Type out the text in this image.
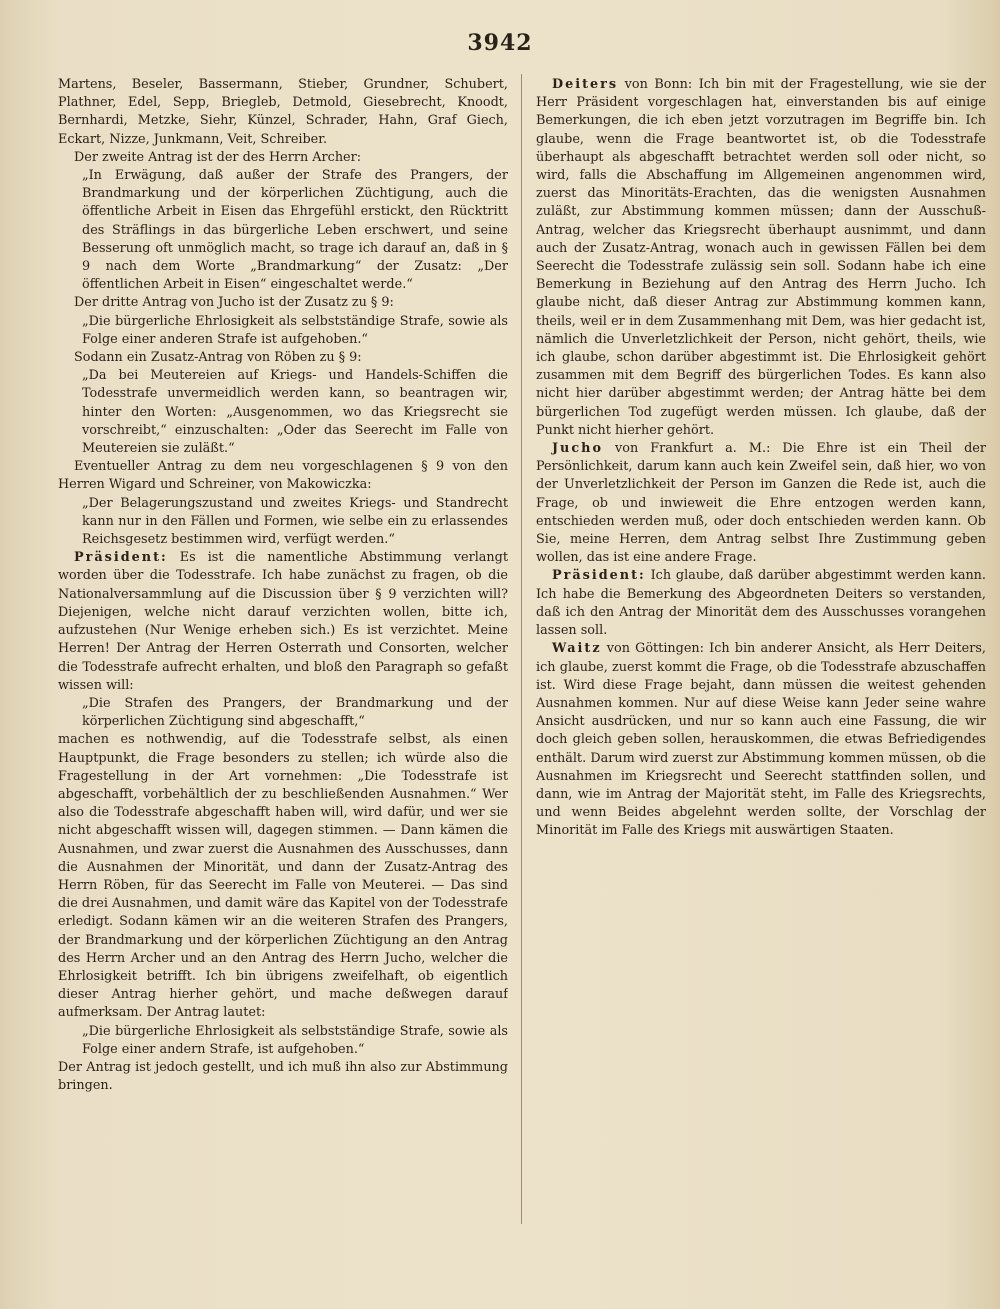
3942

Martens, Beseler, Bassermann, Stieber, Grundner, Schubert, Plathner, Edel, Sepp, Briegleb, Detmold, Giesebrecht, Knoodt, Bernhardi, Metzke, Siehr, Künzel, Schrader, Hahn, Graf Giech, Eckart, Nizze, Junkmann, Veit, Schreiber.

Der zweite Antrag ist der des Herrn Archer:

„In Erwägung, daß außer der Strafe des Prangers, der Brandmarkung und der körperlichen Züchtigung, auch die öffentliche Arbeit in Eisen das Ehrgefühl erstickt, den Rücktritt des Sträflings in das bürgerliche Leben erschwert, und seine Besserung oft unmöglich macht, so trage ich darauf an, daß in § 9 nach dem Worte „Brandmarkung“ der Zusatz: „Der öffentlichen Arbeit in Eisen“ eingeschaltet werde.“

Der dritte Antrag von Jucho ist der Zusatz zu § 9:

„Die bürgerliche Ehrlosigkeit als selbstständige Strafe, sowie als Folge einer anderen Strafe ist aufgehoben.“

Sodann ein Zusatz-Antrag von Röben zu § 9:

„Da bei Meutereien auf Kriegs- und Handels-Schiffen die Todesstrafe unvermeidlich werden kann, so beantragen wir, hinter den Worten: „Ausgenommen, wo das Kriegsrecht sie vorschreibt,“ einzuschalten: „Oder das Seerecht im Falle von Meutereien sie zuläßt.“

Eventueller Antrag zu dem neu vorgeschlagenen § 9 von den Herren Wigard und Schreiner, von Makowiczka:

„Der Belagerungszustand und zweites Kriegs- und Standrecht kann nur in den Fällen und Formen, wie selbe ein zu erlassendes Reichsgesetz bestimmen wird, verfügt werden.“

Präsident: Es ist die namentliche Abstimmung verlangt worden über die Todesstrafe. Ich habe zunächst zu fragen, ob die Nationalversammlung auf die Discussion über § 9 verzichten will? Diejenigen, welche nicht darauf verzichten wollen, bitte ich, aufzustehen (Nur Wenige erheben sich.) Es ist verzichtet. Meine Herren! Der Antrag der Herren Osterrath und Consorten, welcher die Todesstrafe aufrecht erhalten, und bloß den Paragraph so gefaßt wissen will:

„Die Strafen des Prangers, der Brandmarkung und der körperlichen Züchtigung sind abgeschafft,“

machen es nothwendig, auf die Todesstrafe selbst, als einen Hauptpunkt, die Frage besonders zu stellen; ich würde also die Fragestellung in der Art vornehmen: „Die Todesstrafe ist abgeschafft, vorbehältlich der zu beschließenden Ausnahmen.“ Wer also die Todesstrafe abgeschafft haben will, wird dafür, und wer sie nicht abgeschafft wissen will, dagegen stimmen. — Dann kämen die Ausnahmen, und zwar zuerst die Ausnahmen des Ausschusses, dann die Ausnahmen der Minorität, und dann der Zusatz-Antrag des Herrn Röben, für das Seerecht im Falle von Meuterei. — Das sind die drei Ausnahmen, und damit wäre das Kapitel von der Todesstrafe erledigt. Sodann kämen wir an die weiteren Strafen des Prangers, der Brandmarkung und der körperlichen Züchtigung an den Antrag des Herrn Archer und an den Antrag des Herrn Jucho, welcher die Ehrlosigkeit betrifft. Ich bin übrigens zweifelhaft, ob eigentlich dieser Antrag hierher gehört, und mache deßwegen darauf aufmerksam. Der Antrag lautet:

„Die bürgerliche Ehrlosigkeit als selbstständige Strafe, sowie als Folge einer andern Strafe, ist aufgehoben.“

Der Antrag ist jedoch gestellt, und ich muß ihn also zur Abstimmung bringen.

Deiters von Bonn: Ich bin mit der Fragestellung, wie sie der Herr Präsident vorgeschlagen hat, einverstanden bis auf einige Bemerkungen, die ich eben jetzt vorzutragen im Begriffe bin. Ich glaube, wenn die Frage beantwortet ist, ob die Todesstrafe überhaupt als abgeschafft betrachtet werden soll oder nicht, so wird, falls die Abschaffung im Allgemeinen angenommen wird, zuerst das Minoritäts-Erachten, das die wenigsten Ausnahmen zuläßt, zur Abstimmung kommen müssen; dann der Ausschuß-Antrag, welcher das Kriegsrecht überhaupt ausnimmt, und dann auch der Zusatz-Antrag, wonach auch in gewissen Fällen bei dem Seerecht die Todesstrafe zulässig sein soll. Sodann habe ich eine Bemerkung in Beziehung auf den Antrag des Herrn Jucho. Ich glaube nicht, daß dieser Antrag zur Abstimmung kommen kann, theils, weil er in dem Zusammenhang mit Dem, was hier gedacht ist, nämlich die Unverletzlichkeit der Person, nicht gehört, theils, wie ich glaube, schon darüber abgestimmt ist. Die Ehrlosigkeit gehört zusammen mit dem Begriff des bürgerlichen Todes. Es kann also nicht hier darüber abgestimmt werden; der Antrag hätte bei dem bürgerlichen Tod zugefügt werden müssen. Ich glaube, daß der Punkt nicht hierher gehört.

Jucho von Frankfurt a. M.: Die Ehre ist ein Theil der Persönlichkeit, darum kann auch kein Zweifel sein, daß hier, wo von der Unverletzlichkeit der Person im Ganzen die Rede ist, auch die Frage, ob und inwieweit die Ehre entzogen werden kann, entschieden werden muß, oder doch entschieden werden kann. Ob Sie, meine Herren, dem Antrag selbst Ihre Zustimmung geben wollen, das ist eine andere Frage.

Präsident: Ich glaube, daß darüber abgestimmt werden kann. Ich habe die Bemerkung des Abgeordneten Deiters so verstanden, daß ich den Antrag der Minorität dem des Ausschusses vorangehen lassen soll.

Waitz von Göttingen: Ich bin anderer Ansicht, als Herr Deiters, ich glaube, zuerst kommt die Frage, ob die Todesstrafe abzuschaffen ist. Wird diese Frage bejaht, dann müssen die weitest gehenden Ausnahmen kommen. Nur auf diese Weise kann Jeder seine wahre Ansicht ausdrücken, und nur so kann auch eine Fassung, die wir doch gleich geben sollen, herauskommen, die etwas Befriedigendes enthält. Darum wird zuerst zur Abstimmung kommen müssen, ob die Ausnahmen im Kriegsrecht und Seerecht stattfinden sollen, und dann, wie im Antrag der Majorität steht, im Falle des Kriegsrechts, und wenn Beides abgelehnt werden sollte, der Vorschlag der Minorität im Falle des Kriegs mit auswärtigen Staaten.
